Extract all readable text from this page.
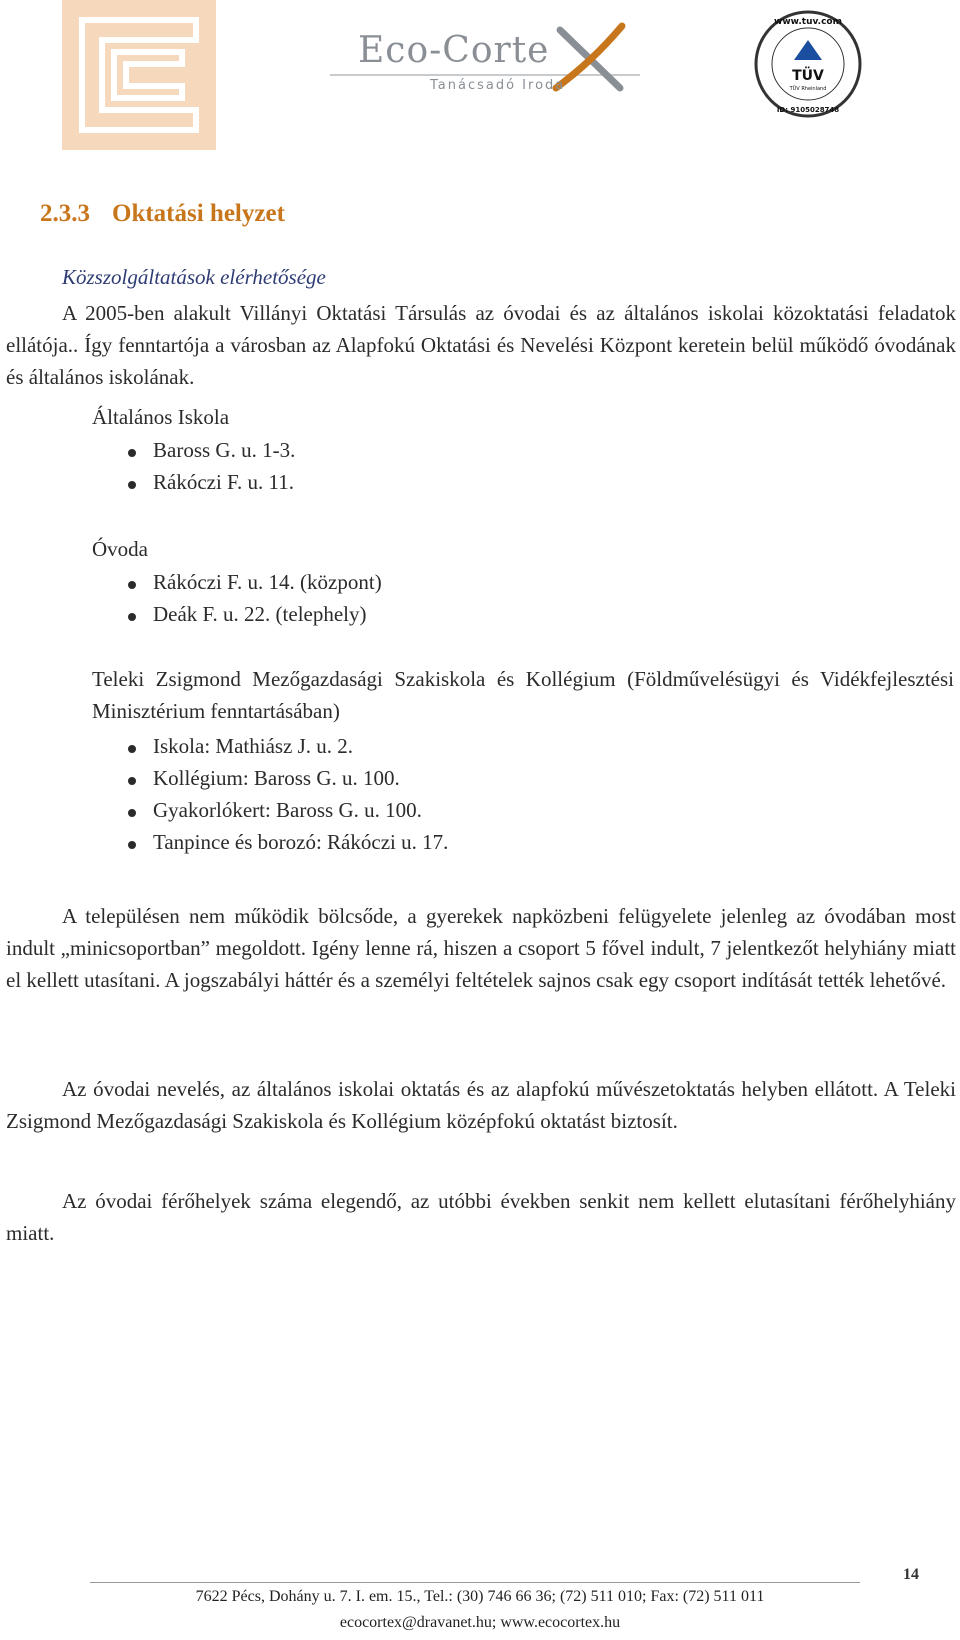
Eco-Corte
Tanácsadó Iroda
TÜV
TÜV Rheinland
www.tuv.com
ID: 9105028748
2.3.3 Oktatási helyzet
Közszolgáltatások elérhetősége
A 2005-ben alakult Villányi Oktatási Társulás az óvodai és az általános iskolai közoktatási feladatok ellátója.. Így fenntartója a városban az Alapfokú Oktatási és Nevelési Központ keretein belül működő óvodának és általános iskolának.
Általános Iskola
Baross G. u. 1-3.
Rákóczi F. u. 11.
Óvoda
Rákóczi F. u. 14. (központ)
Deák F. u. 22. (telephely)
Teleki Zsigmond Mezőgazdasági Szakiskola és Kollégium (Földművelésügyi és Vidékfejlesztési Minisztérium fenntartásában)
Iskola: Mathiász J. u. 2.
Kollégium: Baross G. u. 100.
Gyakorlókert: Baross G. u. 100.
Tanpince és borozó: Rákóczi u. 17.
A településen nem működik bölcsőde, a gyerekek napközbeni felügyelete jelenleg az óvodában most indult „minicsoportban” megoldott. Igény lenne rá, hiszen a csoport 5 fővel indult, 7 jelentkezőt helyhiány miatt el kellett utasítani. A jogszabályi háttér és a személyi feltételek sajnos csak egy csoport indítását tették lehetővé.
Az óvodai nevelés, az általános iskolai oktatás és az alapfokú művészetoktatás helyben ellátott. A Teleki Zsigmond Mezőgazdasági Szakiskola és Kollégium középfokú oktatást biztosít.
Az óvodai férőhelyek száma elegendő, az utóbbi években senkit nem kellett elutasítani férőhelyhiány miatt.
14
7622 Pécs, Dohány u. 7. I. em. 15., Tel.: (30) 746 66 36; (72) 511 010; Fax: (72) 511 011
ecocortex@dravanet.hu; www.ecocortex.hu
